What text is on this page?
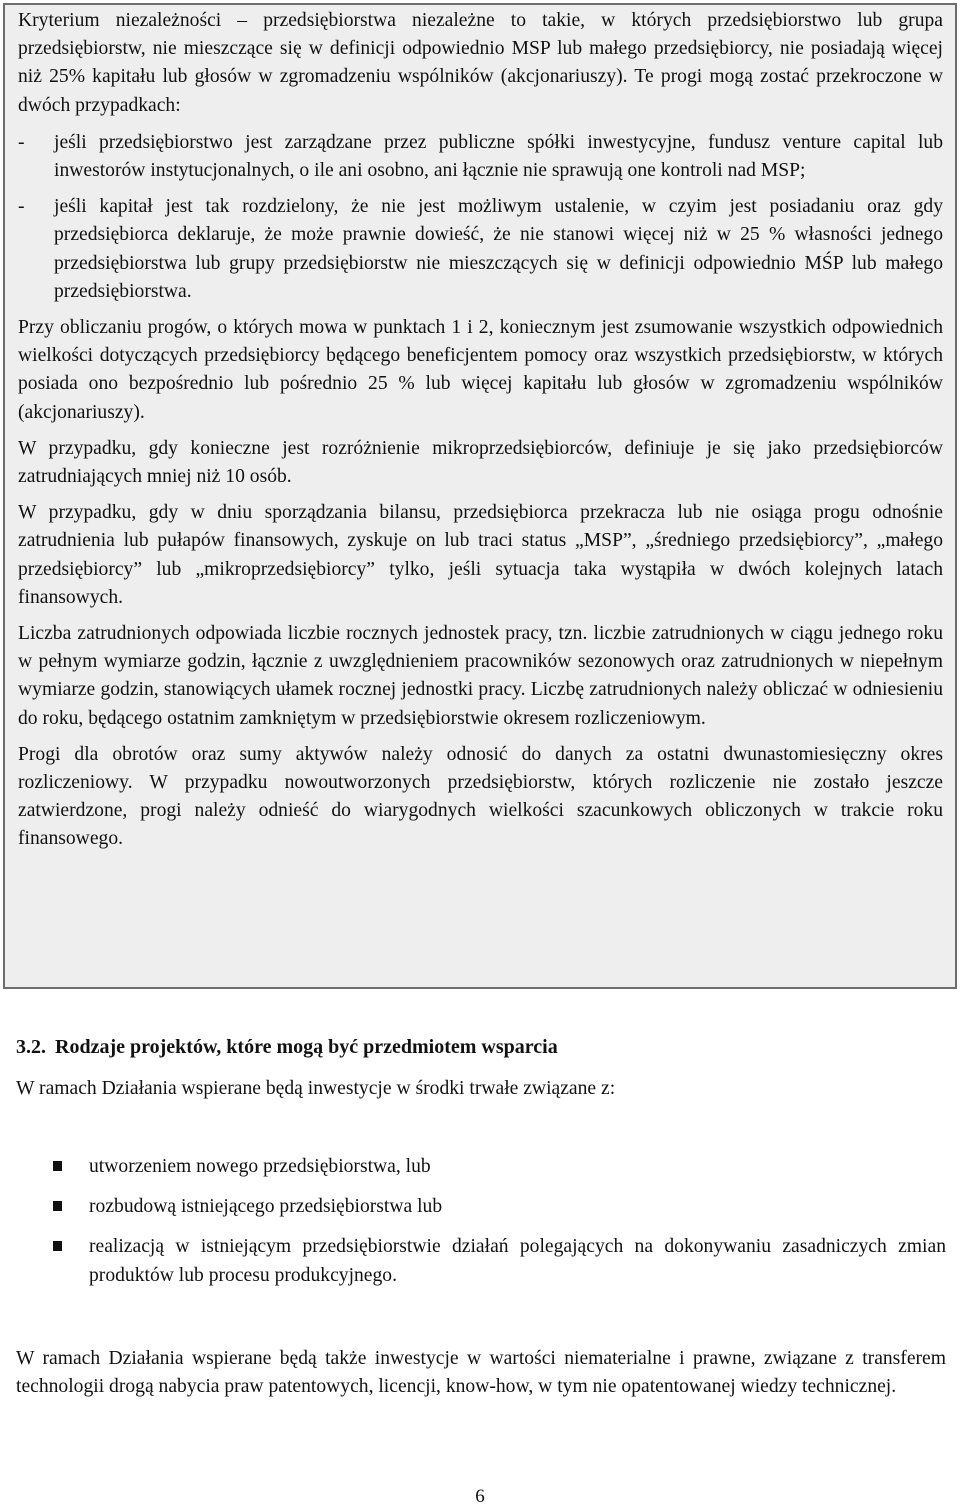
Kryterium niezależności – przedsiębiorstwa niezależne to takie, w których przedsiębiorstwo lub grupa przedsiębiorstw, nie mieszczące się w definicji odpowiednio MSP lub małego przedsiębiorcy, nie posiadają więcej niż 25% kapitału lub głosów w zgromadzeniu wspólników (akcjonariuszy). Te progi mogą zostać przekroczone w dwóch przypadkach:

- jeśli przedsiębiorstwo jest zarządzane przez publiczne spółki inwestycyjne, fundusz venture capital lub inwestorów instytucjonalnych, o ile ani osobno, ani łącznie nie sprawują one kontroli nad MSP;
- jeśli kapitał jest tak rozdzielony, że nie jest możliwym ustalenie, w czyim jest posiadaniu oraz gdy przedsiębiorca deklaruje, że może prawnie dowieść, że nie stanowi więcej niż w 25 % własności jednego przedsiębiorstwa lub grupy przedsiębiorstw nie mieszczących się w definicji odpowiednio MŚP lub małego przedsiębiorstwa.

Przy obliczaniu progów, o których mowa w punktach 1 i 2, koniecznym jest zsumowanie wszystkich odpowiednich wielkości dotyczących przedsiębiorcy będącego beneficjentem pomocy oraz wszystkich przedsiębiorstw, w których posiada ono bezpośrednio lub pośrednio 25 % lub więcej kapitału lub głosów w zgromadzeniu wspólników (akcjonariuszy).

W przypadku, gdy konieczne jest rozróżnienie mikroprzedsiębiorców, definiuje je się jako przedsiębiorców zatrudniających mniej niż 10 osób.

W przypadku, gdy w dniu sporządzania bilansu, przedsiębiorca przekracza lub nie osiąga progu odnośnie zatrudnienia lub pułapów finansowych, zyskuje on lub traci status „MSP”, „średniego przedsiębiorcy”, „małego przedsiębiorcy” lub „mikroprzedsiębiorcy” tylko, jeśli sytuacja taka wystąpiła w dwóch kolejnych latach finansowych.

Liczba zatrudnionych odpowiada liczbie rocznych jednostek pracy, tzn. liczbie zatrudnionych w ciągu jednego roku w pełnym wymiarze godzin, łącznie z uwzględnieniem pracowników sezonowych oraz zatrudnionych w niepełnym wymiarze godzin, stanowiących ułamek rocznej jednostki pracy. Liczbę zatrudnionych należy obliczać w odniesieniu do roku, będącego ostatnim zamkniętym w przedsiębiorstwie okresem rozliczeniowym.

Progi dla obrotów oraz sumy aktywów należy odnosić do danych za ostatni dwunastomiesięczny okres rozliczeniowy. W przypadku nowoutworzonych przedsiębiorstw, których rozliczenie nie zostało jeszcze zatwierdzone, progi należy odnieść do wiarygodnych wielkości szacunkowych obliczonych w trakcie roku finansowego.

3.2. Rodzaje projektów, które mogą być przedmiotem wsparcia

W ramach Działania wspierane będą inwestycje w środki trwałe związane z:

utworzeniem nowego przedsiębiorstwa, lub
rozbudową istniejącego przedsiębiorstwa lub
realizacją w istniejącym przedsiębiorstwie działań polegających na dokonywaniu zasadniczych zmian produktów lub procesu produkcyjnego.

W ramach Działania wspierane będą także inwestycje w wartości niematerialne i prawne, związane z transferem technologii drogą nabycia praw patentowych, licencji, know-how, w tym nie opatentowanej wiedzy technicznej.

6
